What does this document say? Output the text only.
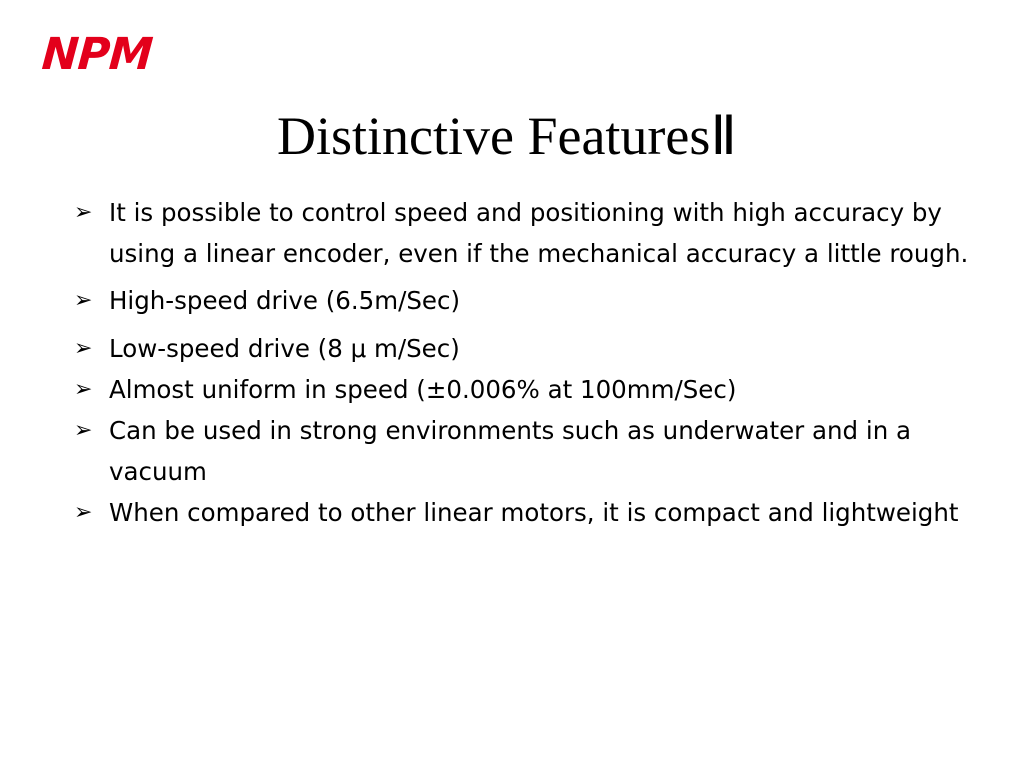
NPM
Distinctive FeaturesⅡ
➢ It is possible to control speed and positioning with high accuracy by using a linear encoder, even if the mechanical accuracy a little rough.
➢ High-speed drive (6.5m/Sec)
➢ Low-speed drive (8 μ m/Sec)
➢ Almost uniform in speed (±0.006% at 100mm/Sec)
➢ Can be used in strong environments such as underwater and in a vacuum
➢ When compared to other linear motors, it is compact and lightweight
